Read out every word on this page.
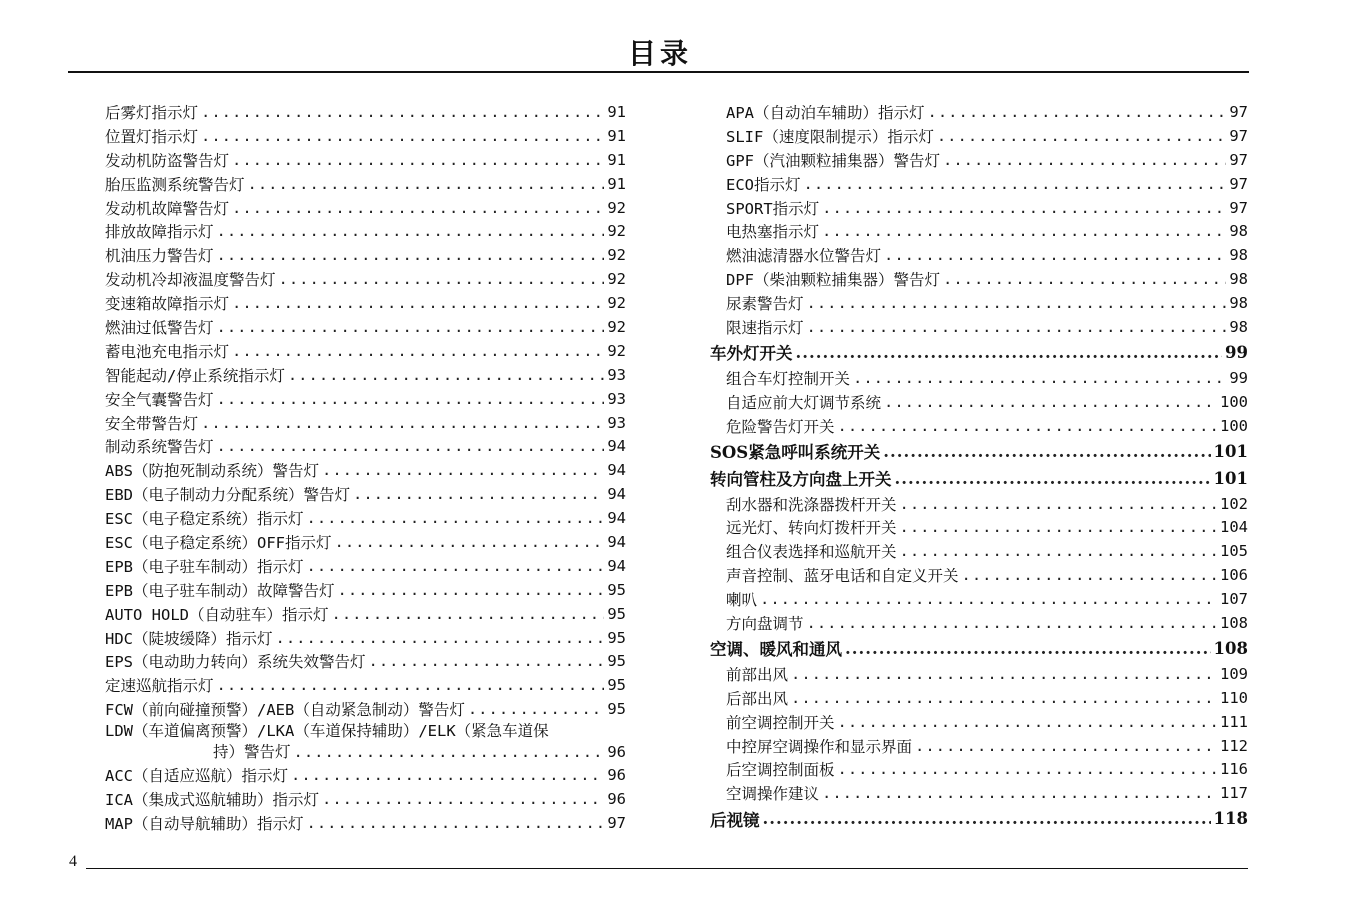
目录
后雾灯指示灯 .....	91
位置灯指示灯 .....	91
发动机防盗警告灯 .....	91
胎压监测系统警告灯 .....	91
发动机故障警告灯 .....	92
排放故障指示灯 .....	92
机油压力警告灯 .....	92
发动机冷却液温度警告灯 .....	92
变速箱故障指示灯 .....	92
燃油过低警告灯 .....	92
蓄电池充电指示灯 .....	92
智能起动/停止系统指示灯 .....	93
安全气囊警告灯 .....	93
安全带警告灯 .....	93
制动系统警告灯 .....	94
ABS（防抱死制动系统）警告灯 .....	94
EBD（电子制动力分配系统）警告灯 .....	94
ESC（电子稳定系统）指示灯 .....	94
ESC（电子稳定系统）OFF指示灯 .....	94
EPB（电子驻车制动）指示灯 .....	94
EPB（电子驻车制动）故障警告灯 .....	95
AUTO HOLD（自动驻车）指示灯 .....	95
HDC（陡坡缓降）指示灯 .....	95
EPS（电动助力转向）系统失效警告灯 .....	95
定速巡航指示灯 .....	95
FCW（前向碰撞预警）/AEB（自动紧急制动）警告灯 .....	95
LDW（车道偏离预警）/LKA（车道保持辅助）/ELK（紧急车道保
持）警告灯 .....	96
ACC（自适应巡航）指示灯 .....	96
ICA（集成式巡航辅助）指示灯 .....	96
MAP（自动导航辅助）指示灯 .....	97
APA（自动泊车辅助）指示灯 .....	97
SLIF（速度限制提示）指示灯 .....	97
GPF（汽油颗粒捕集器）警告灯 .....	97
ECO指示灯 .....	97
SPORT指示灯 .....	97
电热塞指示灯 .....	98
燃油滤清器水位警告灯 .....	98
DPF（柴油颗粒捕集器）警告灯 .....	98
尿素警告灯 .....	98
限速指示灯 .....	98
车外灯开关 .....	99
组合车灯控制开关 .....	99
自适应前大灯调节系统 .....	100
危险警告灯开关 .....	100
SOS紧急呼叫系统开关 .....	101
转向管柱及方向盘上开关 .....	101
刮水器和洗涤器拨杆开关 .....	102
远光灯、转向灯拨杆开关 .....	104
组合仪表选择和巡航开关 .....	105
声音控制、蓝牙电话和自定义开关 .....	106
喇叭 .....	107
方向盘调节 .....	108
空调、暖风和通风 .....	108
前部出风 .....	109
后部出风 .....	110
前空调控制开关 .....	111
中控屏空调操作和显示界面 .....	112
后空调控制面板 .....	116
空调操作建议 .....	117
后视镜 .....	118
4
